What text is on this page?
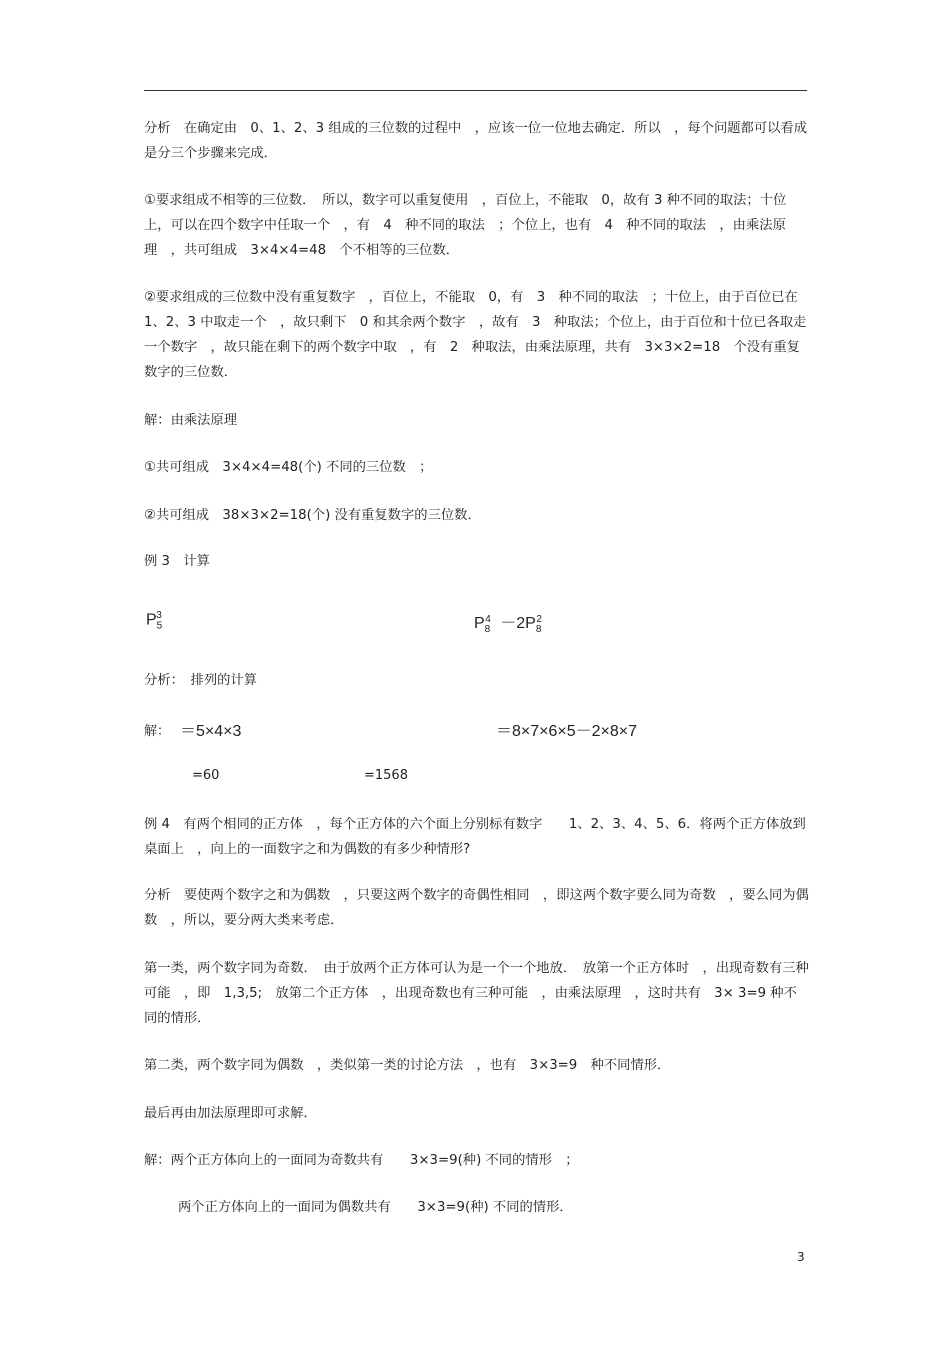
分析　在确定由　0、1、2、3 组成的三位数的过程中　，应该一位一位地去确定．所以　，每个问题都可以看成是分三个步骤来完成．

①要求组成不相等的三位数．　所以，数字可以重复使用　，百位上，不能取　0，故有 3 种不同的取法；十位上，可以在四个数字中任取一个　，有　4　种不同的取法　；个位上，也有　4　种不同的取法　，由乘法原理　，共可组成　3×4×4=48　个不相等的三位数．

②要求组成的三位数中没有重复数字　，百位上，不能取　0，有　3　种不同的取法　；十位上，由于百位已在　1、2、3 中取走一个　，故只剩下　0 和其余两个数字　，故有　3　种取法；个位上，由于百位和十位已各取走一个数字　，故只能在剩下的两个数字中取　，有　2　种取法，由乘法原理，共有　3×3×2=18　个没有重复数字的三位数．

解：由乘法原理

①共可组成　3×4×4=48(个) 不同的三位数　；

②共可组成　38×3×2=18(个) 没有重复数字的三位数．

例 3　计算

$P_5^3$	$P_8^4 -2P_8^2$

分析：　排列的计算

解： ＝5×4×3	＝8×7×6×5－2×8×7
=60	=1568

例 4　有两个相同的正方体　，每个正方体的六个面上分别标有数字　　1、2、3、4、5、6．将两个正方体放到桌面上　，向上的一面数字之和为偶数的有多少种情形?

分析　要使两个数字之和为偶数　，只要这两个数字的奇偶性相同　，即这两个数字要么同为奇数　，要么同为偶数　，所以，要分两大类来考虑．

第一类，两个数字同为奇数．　由于放两个正方体可认为是一个一个地放．　放第一个正方体时　，出现奇数有三种可能　，即　1,3,5;　放第二个正方体　，出现奇数也有三种可能　，由乘法原理　，这时共有　3× 3=9 种不同的情形．

第二类，两个数字同为偶数　，类似第一类的讨论方法　，也有　3×3=9　种不同情形．

最后再由加法原理即可求解．

解：两个正方体向上的一面同为奇数共有　　3×3=9(种) 不同的情形　；

两个正方体向上的一面同为偶数共有　　3×3=9(种) 不同的情形．

3
